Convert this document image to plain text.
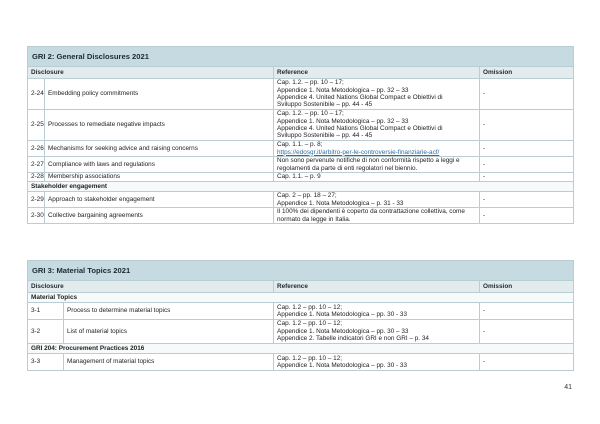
GRI 2: General Disclosures 2021			
Disclosure		Reference	Omission
2-24	Embedding policy commitments	Cap. 1.2. – pp. 10 – 17;
Appendice 1. Nota Metodologica – pp. 32 – 33
Appendice 4. United Nations Global Compact e Obiettivi di
Sviluppo Sostenibile – pp. 44 - 45	-
2-25	Processes to remediate negative impacts	Cap. 1.2. – pp. 10 – 17;
Appendice 1. Nota Metodologica – pp. 32 – 33
Appendice 4. United Nations Global Compact e Obiettivi di
Sviluppo Sostenibile – pp. 44 - 45	-
2-26	Mechanisms for seeking advice and raising concerns	Cap. 1.1. – p. 8;
https://edosgr.it/arbitro-per-le-controversie-finanziarie-acf/	-
2-27	Compliance with laws and regulations	Non sono pervenute notifiche di non conformità rispetto a leggi e regolamenti da parte di enti regolatori nel biennio.	-
2-28	Membership associations	Cap. 1.1. – p. 9	-
Stakeholder engagement			
2-29	Approach to stakeholder engagement	Cap. 2 – pp. 18 – 27;
Appendice 1. Nota Metodologica – p. 31 - 33	-
2-30	Collective bargaining agreements	Il 100% dei dipendenti è coperto da contrattazione collettiva, come normato da legge in Italia.	-
GRI 3: Material Topics 2021			
Disclosure		Reference	Omission
Material Topics			
3-1	Process to determine material topics	Cap. 1.2 – pp. 10 – 12;
Appendice 1. Nota Metodologica – pp. 30 - 33	-
3-2	List of material topics	Cap. 1.2 – pp. 10 – 12;
Appendice 1. Nota Metodologica – pp. 30 – 33
Appendice 2. Tabelle indicatori GRI e non GRI – p. 34	-
GRI 204: Procurement Practices 2016			
3-3	Management of material topics	Cap. 1.2 – pp. 10 – 12;
Appendice 1. Nota Metodologica – pp. 30 - 33	-
41
